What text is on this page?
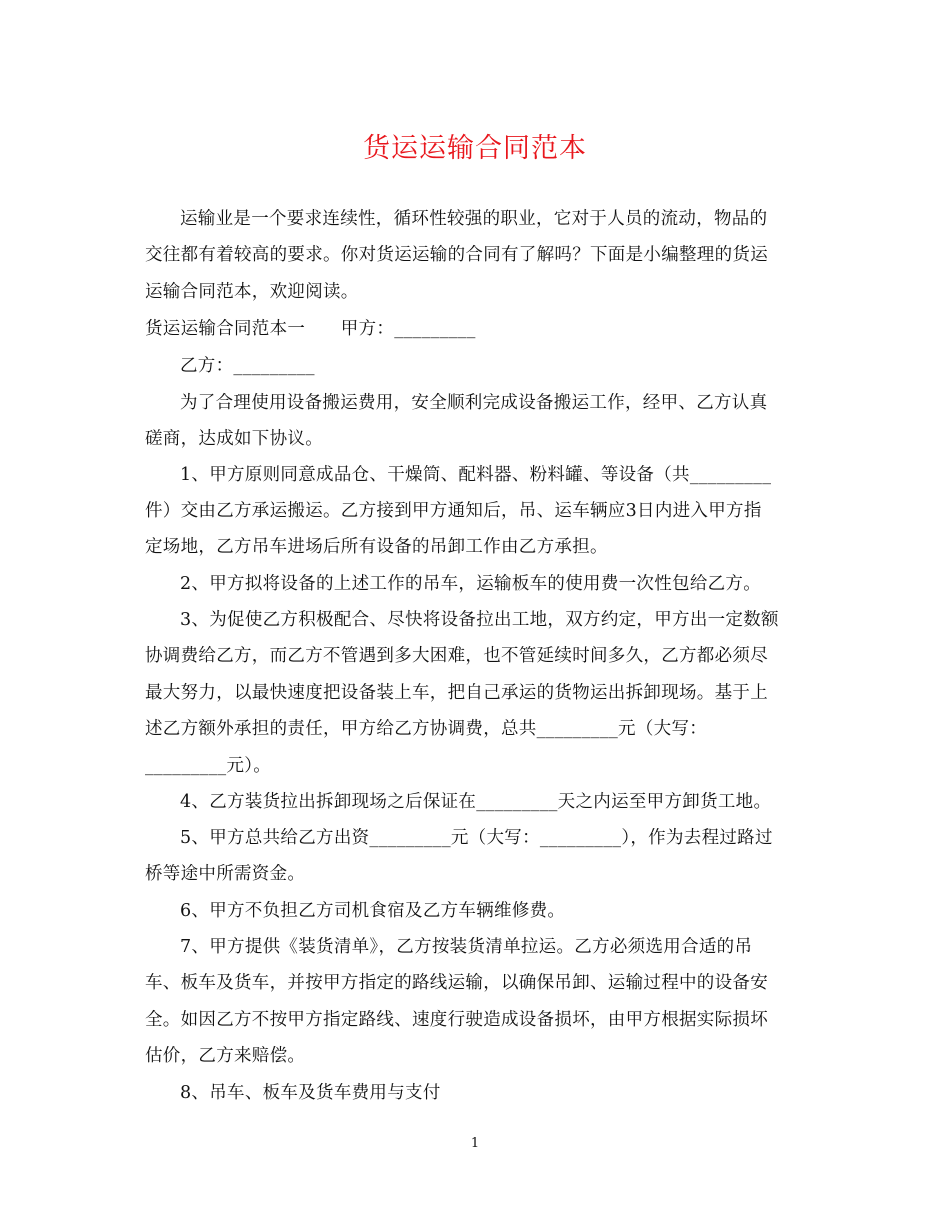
货运运输合同范本
运输业是一个要求连续性，循环性较强的职业，它对于人员的流动，物品的
交往都有着较高的要求。你对货运运输的合同有了解吗？下面是小编整理的货运
运输合同范本，欢迎阅读。
货运运输合同范本一　　甲方：_________
乙方：_________
为了合理使用设备搬运费用，安全顺利完成设备搬运工作，经甲、乙方认真
磋商，达成如下协议。
1、甲方原则同意成品仓、干燥筒、配料器、粉料罐、等设备（共_________
件）交由乙方承运搬运。乙方接到甲方通知后，吊、运车辆应3日内进入甲方指
定场地，乙方吊车进场后所有设备的吊卸工作由乙方承担。
2、甲方拟将设备的上述工作的吊车，运输板车的使用费一次性包给乙方。
3、为促使乙方积极配合、尽快将设备拉出工地，双方约定，甲方出一定数额
协调费给乙方，而乙方不管遇到多大困难，也不管延续时间多久，乙方都必须尽
最大努力，以最快速度把设备装上车，把自己承运的货物运出拆卸现场。基于上
述乙方额外承担的责任，甲方给乙方协调费，总共_________元（大写：
_________元）。
4、乙方装货拉出拆卸现场之后保证在_________天之内运至甲方卸货工地。
5、甲方总共给乙方出资_________元（大写：_________），作为去程过路过
桥等途中所需资金。
6、甲方不负担乙方司机食宿及乙方车辆维修费。
7、甲方提供《装货清单》，乙方按装货清单拉运。乙方必须选用合适的吊
车、板车及货车，并按甲方指定的路线运输，以确保吊卸、运输过程中的设备安
全。如因乙方不按甲方指定路线、速度行驶造成设备损坏，由甲方根据实际损坏
估价，乙方来赔偿。
8、吊车、板车及货车费用与支付
1
